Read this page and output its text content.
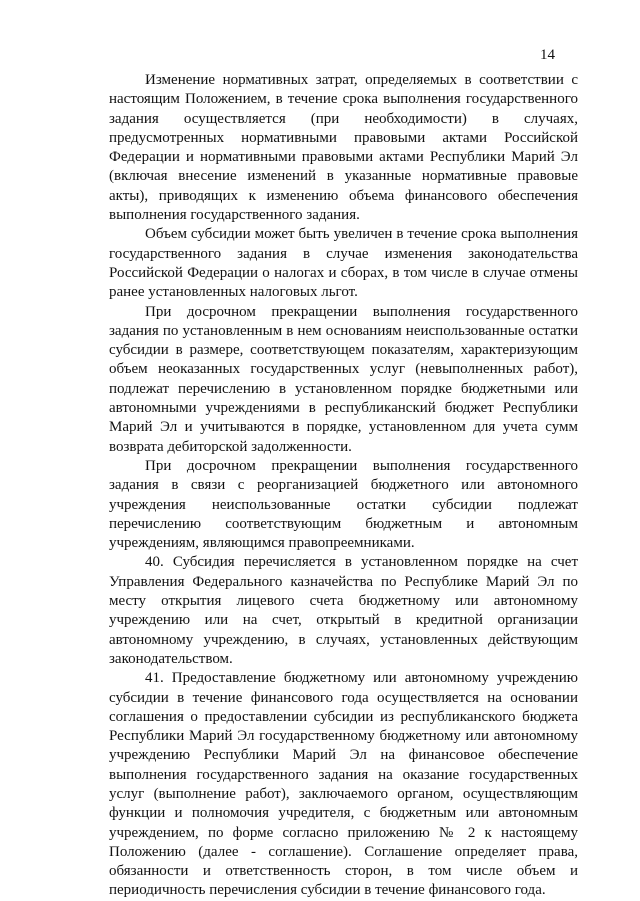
14

Изменение нормативных затрат, определяемых в соответствии с настоящим Положением, в течение срока выполнения государственного задания осуществляется (при необходимости) в случаях, предусмотренных нормативными правовыми актами Российской Федерации и нормативными правовыми актами Республики Марий Эл (включая внесение изменений в указанные нормативные правовые акты), приводящих к изменению объема финансового обеспечения выполнения государственного задания.

Объем субсидии может быть увеличен в течение срока выполнения государственного задания в случае изменения законодательства Российской Федерации о налогах и сборах, в том числе в случае отмены ранее установленных налоговых льгот.

При досрочном прекращении выполнения государственного задания по установленным в нем основаниям неиспользованные остатки субсидии в размере, соответствующем показателям, характеризующим объем неоказанных государственных услуг (невыполненных работ), подлежат перечислению в установленном порядке бюджетными или автономными учреждениями в республиканский бюджет Республики Марий Эл и учитываются в порядке, установленном для учета сумм возврата дебиторской задолженности.

При досрочном прекращении выполнения государственного задания в связи с реорганизацией бюджетного или автономного учреждения неиспользованные остатки субсидии подлежат перечислению соответствующим бюджетным и автономным учреждениям, являющимся правопреемниками.

40. Субсидия перечисляется в установленном порядке на счет Управления Федерального казначейства по Республике Марий Эл по месту открытия лицевого счета бюджетному или автономному учреждению или на счет, открытый в кредитной организации автономному учреждению, в случаях, установленных действующим законодательством.

41. Предоставление бюджетному или автономному учреждению субсидии в течение финансового года осуществляется на основании соглашения о предоставлении субсидии из республиканского бюджета Республики Марий Эл государственному бюджетному или автономному учреждению Республики Марий Эл на финансовое обеспечение выполнения государственного задания на оказание государственных услуг (выполнение работ), заключаемого органом, осуществляющим функции и полномочия учредителя, с бюджетным или автономным учреждением, по форме согласно приложению № 2 к настоящему Положению (далее - соглашение). Соглашение определяет права, обязанности и ответственность сторон, в том числе объем и периодичность перечисления субсидии в течение финансового года.
